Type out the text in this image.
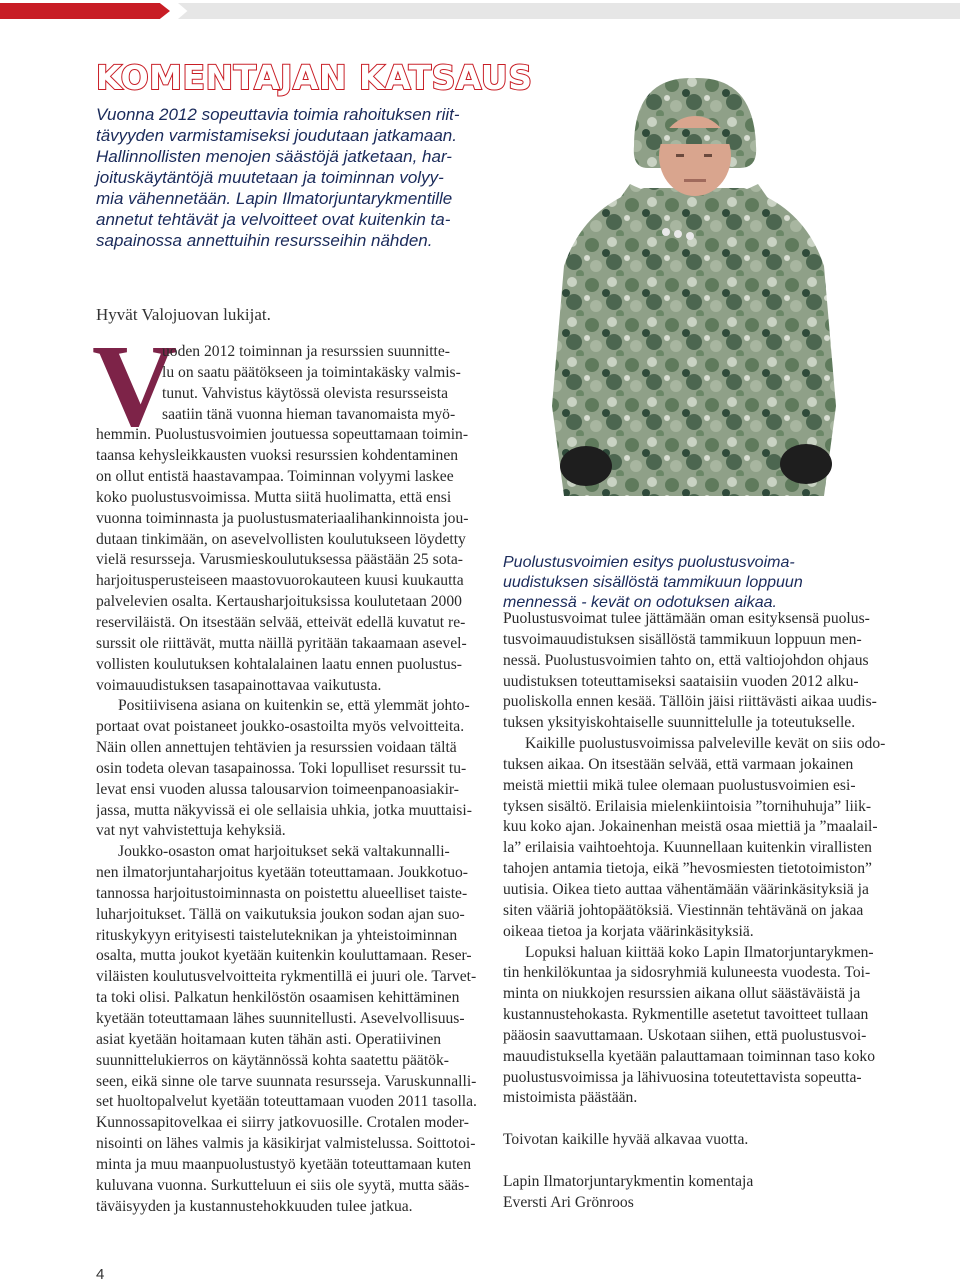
KOMENTAJAN KATSAUS

Vuonna 2012 sopeuttavia toimia rahoituksen riit-

tävyyden varmistamiseksi joudutaan jatkamaan.

Hallinnollisten menojen säästöjä jatketaan, har-

joituskäytäntöjä muutetaan ja toiminnan volyy-

mia vähennetään. Lapin Ilmatorjuntarykmentille

annetut tehtävät ja velvoitteet ovat kuitenkin ta-

sapainossa annettuihin resursseihin nähden.

Hyvät Valojuovan lukijat.

V
uoden 2012 toiminnan ja resurssien suunnitte-
lu on saatu päätökseen ja toimintakäsky valmis-
tunut. Vahvistus käytössä olevista resursseista
saatiin tänä vuonna hieman tavanomaista myö-
hemmin. Puolustusvoimien joutuessa sopeuttamaan toimin-
taansa kehysleikkausten vuoksi resurssien kohdentaminen
on ollut entistä haastavampaa. Toiminnan volyymi laskee
koko puolustusvoimissa. Mutta siitä huolimatta, että ensi
vuonna toiminnasta ja puolustusmateriaalihankinnoista jou-
dutaan tinkimään, on asevelvollisten koulutukseen löydetty
vielä resursseja. Varusmieskoulutuksessa päästään 25 sota-
harjoitusperusteiseen maastovuorokauteen kuusi kuukautta
palvelevien osalta. Kertausharjoituksissa koulutetaan 2000
reserviläistä. On itsestään selvää, etteivät edellä kuvatut re-
surssit ole riittävät, mutta näillä pyritään takaamaan asevel-
vollisten koulutuksen kohtalalainen laatu ennen puolustus-
voimauudistuksen tasapainottavaa vaikutusta.
Positiivisena asiana on kuitenkin se, että ylemmät johto-
portaat ovat poistaneet joukko-osastoilta myös velvoitteita.
Näin ollen annettujen tehtävien ja resurssien voidaan tältä
osin todeta olevan tasapainossa. Toki lopulliset resurssit tu-
levat ensi vuoden alussa talousarvion toimeenpanoasiakir-
jassa, mutta näkyvissä ei ole sellaisia uhkia, jotka muuttaisi-
vat nyt vahvistettuja kehyksiä.
Joukko-osaston omat harjoitukset sekä valtakunnalli-
nen ilmatorjuntaharjoitus kyetään toteuttamaan. Joukkotuo-
tannossa harjoitustoiminnasta on poistettu alueelliset taiste-
luharjoitukset. Tällä on vaikutuksia joukon sodan ajan suo-
rituskykyyn erityisesti taisteluteknikan ja yhteistoiminnan
osalta, mutta joukot kyetään kuitenkin kouluttamaan. Reser-
viläisten koulutusvelvoitteita rykmentillä ei juuri ole. Tarvet-
ta toki olisi. Palkatun henkilöstön osaamisen kehittäminen
kyetään toteuttamaan lähes suunnitellusti. Asevelvollisuus-
asiat kyetään hoitamaan kuten tähän asti. Operatiivinen
suunnittelukierros on käytännössä kohta saatettu päätök-
seen, eikä sinne ole tarve suunnata resursseja. Varuskunnalli-
set huoltopalvelut kyetään toteuttamaan vuoden 2011 tasolla.
Kunnossapitovelkaa ei siirry jatkovuosille. Crotalen moder-
nisointi on lähes valmis ja käsikirjat valmistelussa. Soittotoi-
minta ja muu maanpuolustustyö kyetään toteuttamaan kuten
kuluvana vuonna. Surkutteluun ei siis ole syytä, mutta sääs-
täväisyyden ja kustannustehokkuuden tulee jatkua.

Puolustusvoimien esitys puolustusvoima-

uudistuksen sisällöstä tammikuun loppuun

mennessä - kevät on odotuksen aikaa.

Puolustusvoimat tulee jättämään oman esityksensä puolus-
tusvoimauudistuksen sisällöstä tammikuun loppuun men-
nessä. Puolustusvoimien tahto on, että valtiojohdon ohjaus
uudistuksen toteuttamiseksi saataisiin vuoden 2012 alku-
puoliskolla ennen kesää. Tällöin jäisi riittävästi aikaa uudis-
tuksen yksityiskohtaiselle suunnittelulle ja toteutukselle.
Kaikille puolustusvoimissa palveleville kevät on siis odo-
tuksen aikaa. On itsestään selvää, että varmaan jokainen
meistä miettii mikä tulee olemaan puolustusvoimien esi-
tyksen sisältö. Erilaisia mielenkiintoisia ”tornihuhuja” liik-
kuu koko ajan. Jokainenhan meistä osaa miettiä ja ”maalail-
la” erilaisia vaihtoehtoja. Kuunnellaan kuitenkin virallisten
tahojen antamia tietoja, eikä ”hevosmiesten tietotoimiston”
uutisia. Oikea tieto auttaa vähentämään väärinkäsityksiä ja
siten vääriä johtopäätöksiä. Viestinnän tehtävänä on jakaa
oikeaa tietoa ja korjata väärinkäsityksiä.
Lopuksi haluan kiittää koko Lapin Ilmatorjuntarykmen-
tin henkilökuntaa ja sidosryhmiä kuluneesta vuodesta. Toi-
minta on niukkojen resurssien aikana ollut säästäväistä ja
kustannustehokasta. Rykmentille asetetut tavoitteet tullaan
pääosin saavuttamaan. Uskotaan siihen, että puolustusvoi-
mauudistuksella kyetään palauttamaan toiminnan taso koko
puolustusvoimissa ja lähivuosina toteutettavista sopeutta-
mistoimista päästään.
Toivotan kaikille hyvää alkavaa vuotta.
Lapin Ilmatorjuntarykmentin komentaja
Eversti Ari Grönroos
4
